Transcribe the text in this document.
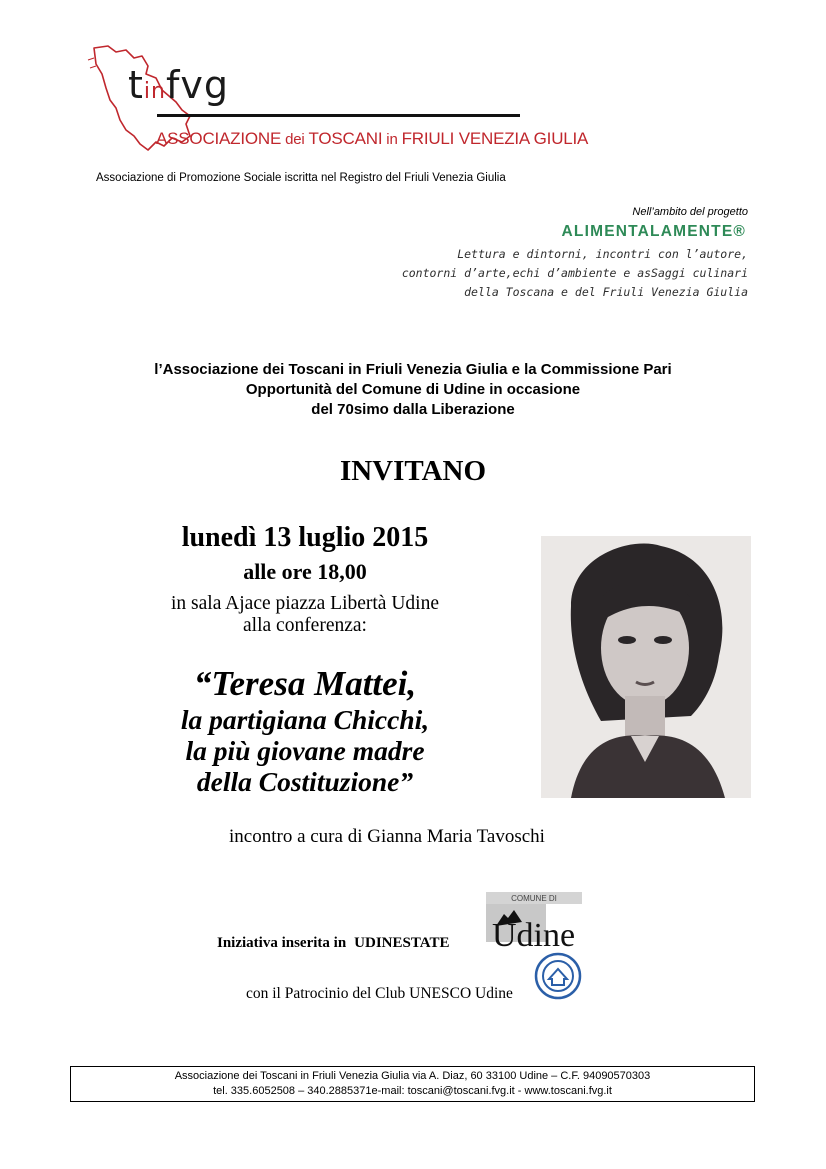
tinfvg
ASSOCIAZIONE dei TOSCANI in FRIULI VENEZIA GIULIA
Associazione di Promozione Sociale iscritta nel Registro del Friuli Venezia Giulia
Nell’ambito del progetto
ALIMENTALAMENTE®
Lettura e dintorni, incontri con l’autore,
contorni d’arte,echi d’ambiente e asSaggi culinari
della Toscana e del Friuli Venezia Giulia
l’Associazione dei Toscani in Friuli Venezia Giulia e la Commissione Pari
Opportunità del Comune di Udine in occasione
del 70simo dalla Liberazione
INVITANO
lunedì 13 luglio 2015
alle ore 18,00
in sala Ajace piazza Libertà Udine
alla conferenza:
“Teresa Mattei,
la partigiana Chicchi,
la più giovane madre
della Costituzione”
incontro a cura di Gianna Maria Tavoschi
Iniziativa inserita in UDINESTATE
COMUNE DI
Udine
con il Patrocinio del Club UNESCO Udine
Associazione dei Toscani in Friuli Venezia Giulia via A. Diaz, 60 33100 Udine – C.F. 94090570303
tel. 335.6052508 – 340.2885371e-mail: toscani@toscani.fvg.it - www.toscani.fvg.it
